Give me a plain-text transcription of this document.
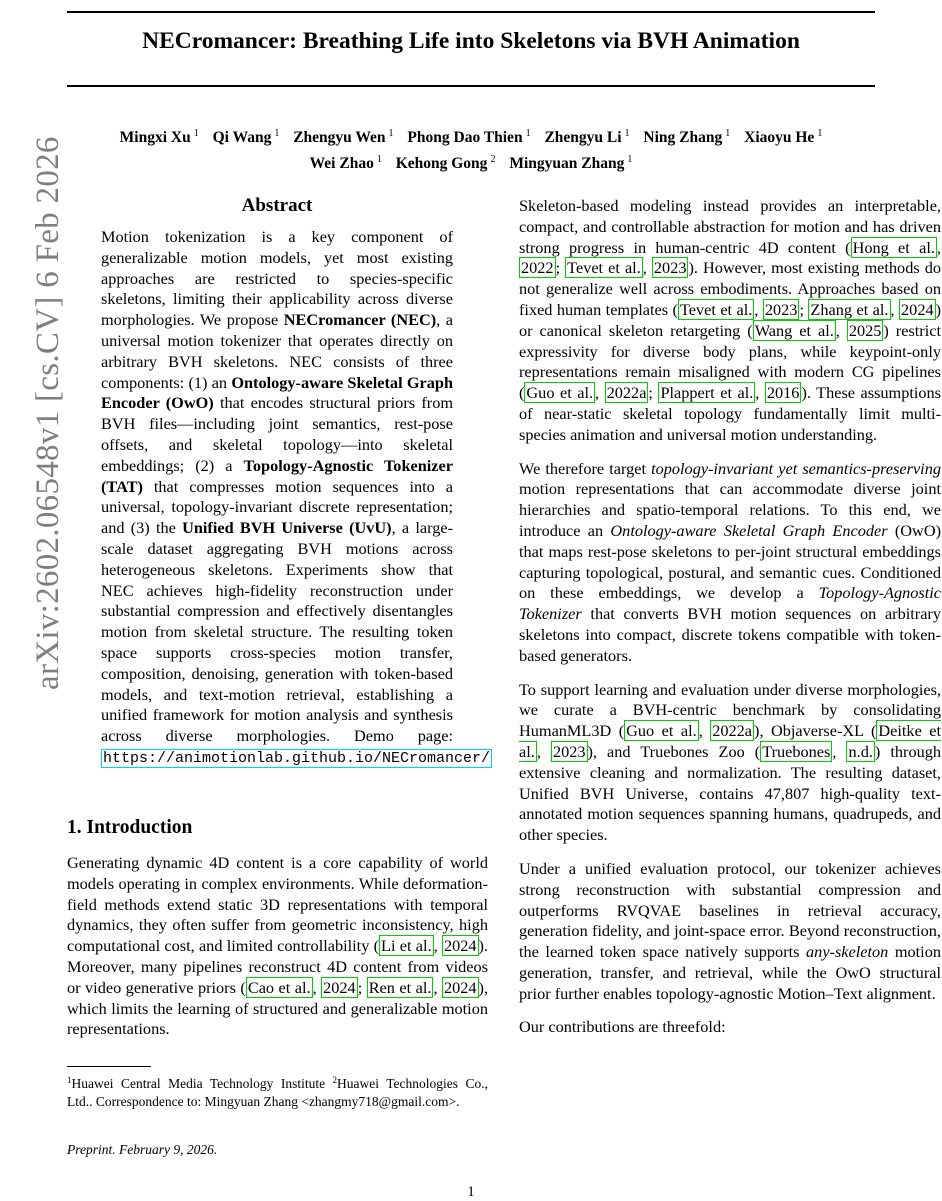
arXiv:2602.06548v1 [cs.CV] 6 Feb 2026
NECromancer: Breathing Life into Skeletons via BVH Animation
Mingxi Xu $^1$ Qi Wang $^1$ Zhengyu Wen $^1$ Phong Dao Thien $^1$ Zhengyu Li $^1$ Ning Zhang $^1$ Xiaoyu He $^1$
Wei Zhao $^1$ Kehong Gong $^2$ Mingyuan Zhang $^1$
Abstract

Motion tokenization is a key component of generalizable motion models, yet most existing approaches are restricted to species-specific skeletons, limiting their applicability across diverse morphologies. We propose NECromancer (NEC), a universal motion tokenizer that operates directly on arbitrary BVH skeletons. NEC consists of three components: (1) an Ontology-aware Skeletal Graph Encoder (OwO) that encodes structural priors from BVH files—including joint semantics, rest-pose offsets, and skeletal topology—into skeletal embeddings; (2) a Topology-Agnostic Tokenizer (TAT) that compresses motion sequences into a universal, topology-invariant discrete representation; and (3) the Unified BVH Universe (UvU), a large-scale dataset aggregating BVH motions across heterogeneous skeletons. Experiments show that NEC achieves high-fidelity reconstruction under substantial compression and effectively disentangles motion from skeletal structure. The resulting token space supports cross-species motion transfer, composition, denoising, generation with token-based models, and text-motion retrieval, establishing a unified framework for motion analysis and synthesis across diverse morphologies. Demo page: https://animotionlab.github.io/NECromancer/

1. Introduction

Generating dynamic 4D content is a core capability of world models operating in complex environments. While deformation-field methods extend static 3D representations with temporal dynamics, they often suffer from geometric inconsistency, high computational cost, and limited controllability ( Li et al. , 2024 ). Moreover, many pipelines reconstruct 4D content from videos or video generative priors ( Cao et al. , 2024 ; Ren et al. , 2024 ), which limits the learning of structured and generalizable motion representations.

Skeleton-based modeling instead provides an interpretable, compact, and controllable abstraction for motion and has driven strong progress in human-centric 4D content ( Hong et al. , 2022 ; Tevet et al. , 2023 ). However, most existing methods do not generalize well across embodiments. Approaches based on fixed human templates ( Tevet et al. , 2023 ; Zhang et al. , 2024 ) or canonical skeleton retargeting ( Wang et al. , 2025 ) restrict expressivity for diverse body plans, while keypoint-only representations remain misaligned with modern CG pipelines ( Guo et al. , 2022a ; Plappert et al. , 2016 ). These assumptions of near-static skeletal topology fundamentally limit multi-species animation and universal motion understanding.

We therefore target topology-invariant yet semantics-preserving motion representations that can accommodate diverse joint hierarchies and spatio-temporal relations. To this end, we introduce an Ontology-aware Skeletal Graph Encoder (OwO) that maps rest-pose skeletons to per-joint structural embeddings capturing topological, postural, and semantic cues. Conditioned on these embeddings, we develop a Topology-Agnostic Tokenizer that converts BVH motion sequences on arbitrary skeletons into compact, discrete tokens compatible with token-based generators.

To support learning and evaluation under diverse morphologies, we curate a BVH-centric benchmark by consolidating HumanML3D ( Guo et al. , 2022a ), Objaverse-XL ( Deitke et al. , 2023 ), and Truebones Zoo ( Truebones , n.d. ) through extensive cleaning and normalization. The resulting dataset, Unified BVH Universe, contains 47,807 high-quality text-annotated motion sequences spanning humans, quadrupeds, and other species.

Under a unified evaluation protocol, our tokenizer achieves strong reconstruction with substantial compression and outperforms RVQVAE baselines in retrieval accuracy, generation fidelity, and joint-space error. Beyond reconstruction, the learned token space natively supports any-skeleton motion generation, transfer, and retrieval, while the OwO structural prior further enables topology-agnostic Motion–Text alignment.

Our contributions are threefold:

$^1$Huawei Central Media Technology Institute $^2$Huawei Technologies Co., Ltd.. Correspondence to: Mingyuan Zhang <zhangmy718@gmail.com>.
Preprint. February 9, 2026.
1
